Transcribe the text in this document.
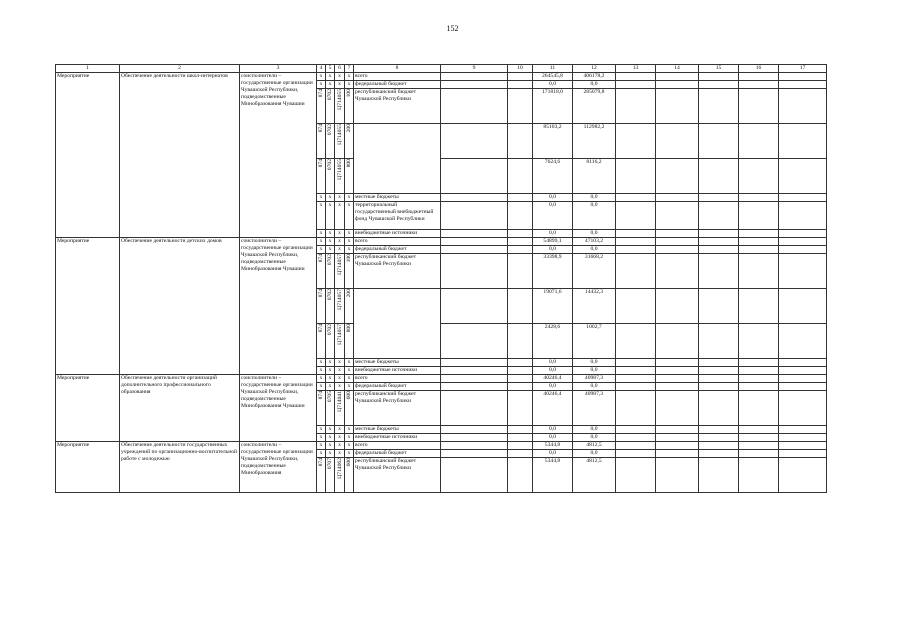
152
1	2	3	4	5	6	7	8	9	10	11	12	13	14	15	16	17
Мероприятие	Обеспечение деятельности школ-интернатов	соисполнители – государственные организации Чувашской Республики, подведомственные Минобразования Чувашии	x	x	x	x	всего			264545,8	406178,2					
			x	x	x	x	федеральный бюджет			0,0	0,0					
			874	0702	Ц714055	100	республиканский бюджет Чувашской Республики			171818,0	285079,8					
			874	0702	Ц714055	200				85103,2	112982,2					
			874	0702	Ц714055	800				7624,6	8116,2					
			x	x	x	x	местные бюджеты			0,0	0,0					
			x	x	x	x	территориальный государственный внебюджетный фонд Чувашской Республики			0,0	0,0					
			x	x	x	x	внебюджетные источники			0,0	0,0					
Мероприятие	Обеспечение деятельности детских домов	соисполнители – государственные организации Чувашской Республики, подведомственные Минобразования Чувашии	x	x	x	x	всего			54899,1	47103,2					
			x	x	x	x	федеральный бюджет			0,0	0,0					
			874	0702	Ц714057	100	республиканский бюджет Чувашской Республики			33398,9	31668,2					
			874	0702	Ц714057	200				19071,6	14432,3					
			874	0702	Ц714057	800				2428,6	1002,7					
			x	x	x	x	местные бюджеты			0,0	0,0					
			x	x	x	x	внебюджетные источники			0,0	0,0					
Мероприятие	Обеспечение деятельности организаций дополнительного профессионального образования	соисполнители – государственные организации Чувашской Республики, подведомственные Минобразования Чувашии	x	x	x	x	всего			40246,4	40987,3					
			x	x	x	x	федеральный бюджет			0,0	0,0					
			874	0705	Ц714041	600	республиканский бюджет Чувашской Республики			40246,4	40987,3					
			x	x	x	x	местные бюджеты			0,0	0,0					
			x	x	x	x	внебюджетные источники			0,0	0,0					
Мероприятие	Обеспечение деятельности государственных учреждений по организационно-воспитательной работе с молодежью	соисполнители – государственные организации Чувашской Республики, подведомственные Минобразования	x	x	x	x	всего			5344,8	4812,5					
			x	x	x	x	федеральный бюджет			0,0	0,0					
			874	0707	Ц714062	600	республиканский бюджет Чувашской Республики			5344,8	4812,5					
